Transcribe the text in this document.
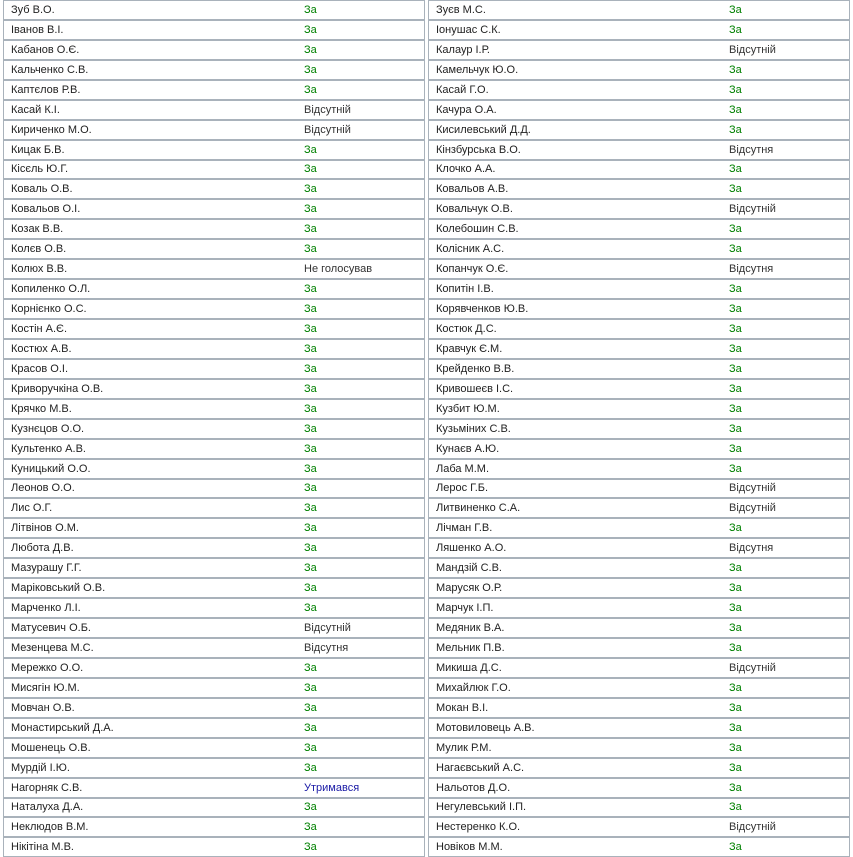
Зуб В.О.	За
Іванов В.І.	За
Кабанов О.Є.	За
Кальченко С.В.	За
Каптєлов Р.В.	За
Касай К.І.	Відсутній
Кириченко М.О.	Відсутній
Кицак Б.В.	За
Кісєль Ю.Г.	За
Коваль О.В.	За
Ковальов О.І.	За
Козак В.В.	За
Колєв О.В.	За
Колюх В.В.	Не голосував
Копиленко О.Л.	За
Корнієнко О.С.	За
Костін А.Є.	За
Костюх А.В.	За
Красов О.І.	За
Криворучкіна О.В.	За
Крячко М.В.	За
Кузнєцов О.О.	За
Культенко А.В.	За
Куницький О.О.	За
Леонов О.О.	За
Лис О.Г.	За
Літвінов О.М.	За
Любота Д.В.	За
Мазурашу Г.Г.	За
Маріковський О.В.	За
Марченко Л.І.	За
Матусевич О.Б.	Відсутній
Мезенцева М.С.	Відсутня
Мережко О.О.	За
Мисягін Ю.М.	За
Мовчан О.В.	За
Монастирський Д.А.	За
Мошенець О.В.	За
Мурдій І.Ю.	За
Нагорняк С.В.	Утримався
Наталуха Д.А.	За
Неклюдов В.М.	За
Нікітіна М.В.	За
Зуєв М.С.	За
Іонушас С.К.	За
Калаур І.Р.	Відсутній
Камельчук Ю.О.	За
Касай Г.О.	За
Качура О.А.	За
Кисилевський Д.Д.	За
Кінзбурська В.О.	Відсутня
Клочко А.А.	За
Ковальов А.В.	За
Ковальчук О.В.	Відсутній
Колебошин С.В.	За
Колісник А.С.	За
Копанчук О.Є.	Відсутня
Копитін І.В.	За
Корявченков Ю.В.	За
Костюк Д.С.	За
Кравчук Є.М.	За
Крейденко В.В.	За
Кривошеєв І.С.	За
Кузбит Ю.М.	За
Кузьміних С.В.	За
Кунаєв А.Ю.	За
Лаба М.М.	За
Лерос Г.Б.	Відсутній
Литвиненко С.А.	Відсутній
Лічман Г.В.	За
Ляшенко А.О.	Відсутня
Мандзій С.В.	За
Маруcяк О.Р.	За
Марчук І.П.	За
Медяник В.А.	За
Мельник П.В.	За
Микиша Д.С.	Відсутній
Михайлюк Г.О.	За
Мокан В.І.	За
Мотовиловець А.В.	За
Мулик Р.М.	За
Нагаєвський А.С.	За
Нальотов Д.О.	За
Негулевський І.П.	За
Нестеренко К.О.	Відсутній
Новіков М.М.	За
